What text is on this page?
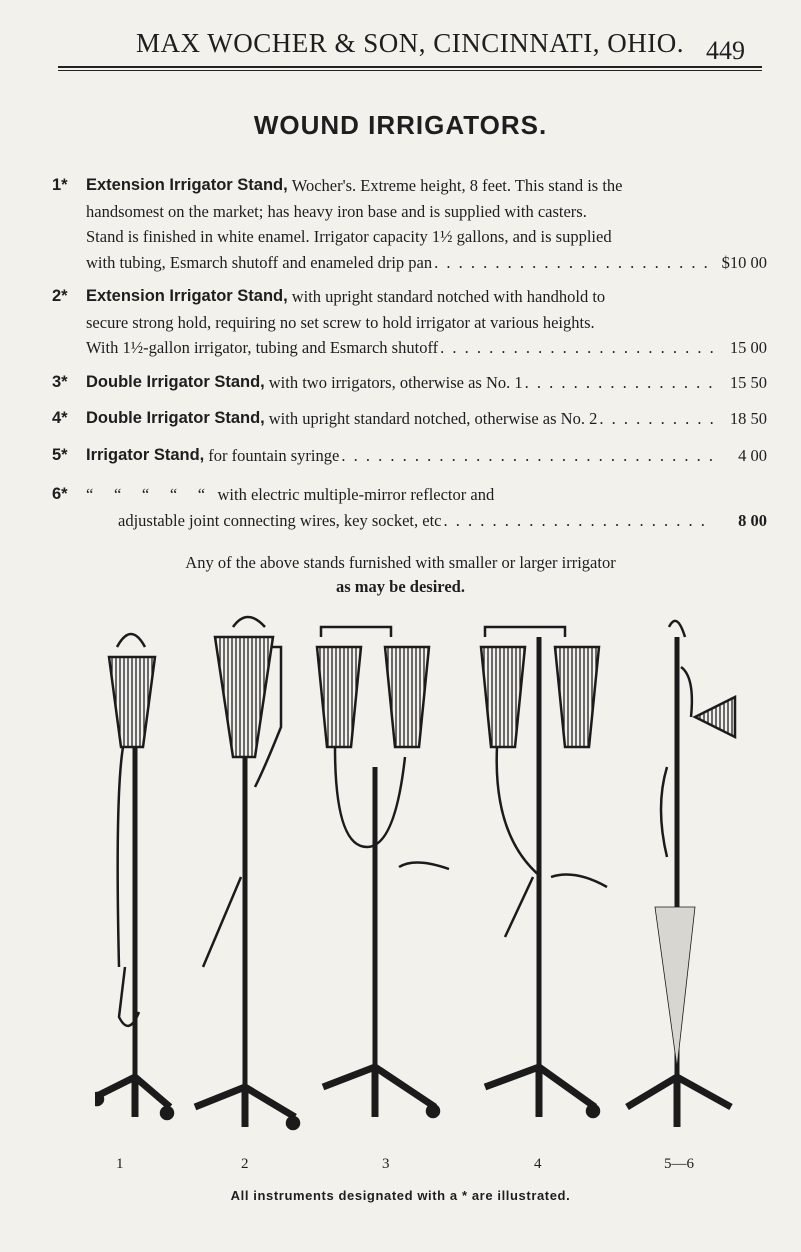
MAX WOCHER & SON, CINCINNATI, OHIO. 449
WOUND IRRIGATORS.
1* Extension Irrigator Stand, Wocher's. Extreme height, 8 feet. This stand is the
handsomest on the market; has heavy iron base and is supplied with casters.
Stand is finished in white enamel. Irrigator capacity 1½ gallons, and is supplied
with tubing, Esmarch shutoff and enameled drip pan . . .	$10 00
2* Extension Irrigator Stand, with upright standard notched with handhold to
secure strong hold, requiring no set screw to hold irrigator at various heights.
With 1½-gallon irrigator, tubing and Esmarch shutoff . . .	15 00
3* Double Irrigator Stand, with two irrigators, otherwise as No. 1 . . .	15 50
4* Double Irrigator Stand, with upright standard notched, otherwise as No. 2 . . .	18 50
5* Irrigator Stand, for fountain syringe . . .	4 00
6* “     “     “     “     “   with electric multiple-mirror reflector and
adjustable joint connecting wires, key socket, etc . . .	8 00
Any of the above stands furnished with smaller or larger irrigator
as may be desired.
1	2	3	4	5—6
All instruments designated with a * are illustrated.
